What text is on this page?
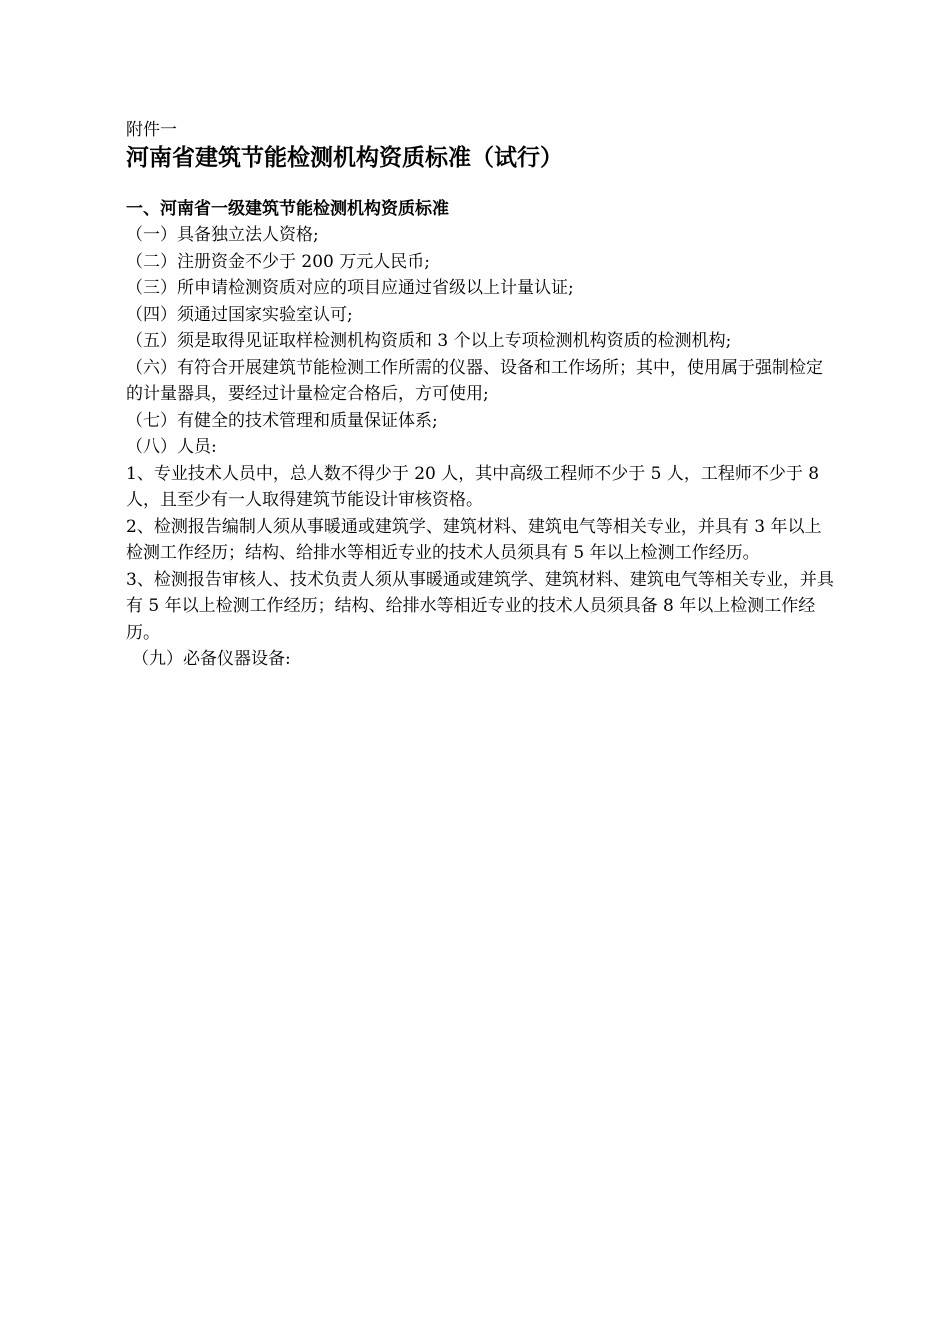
附件一

河南省建筑节能检测机构资质标准（试行）
一、河南省一级建筑节能检测机构资质标准

（一）具备独立法人资格;

（二）注册资金不少于 200 万元人民币;

（三）所申请检测资质对应的项目应通过省级以上计量认证;

（四）须通过国家实验室认可;

（五）须是取得见证取样检测机构资质和 3 个以上专项检测机构资质的检测机构;

（六）有符合开展建筑节能检测工作所需的仪器、设备和工作场所；其中，使用属于强制检定的计量器具，要经过计量检定合格后，方可使用;

（七）有健全的技术管理和质量保证体系;

（八）人员:

1、专业技术人员中，总人数不得少于 20 人，其中高级工程师不少于 5 人，工程师不少于 8 人，且至少有一人取得建筑节能设计审核资格。

2、检测报告编制人须从事暖通或建筑学、建筑材料、建筑电气等相关专业，并具有 3 年以上检测工作经历；结构、给排水等相近专业的技术人员须具有 5 年以上检测工作经历。

3、检测报告审核人、技术负责人须从事暖通或建筑学、建筑材料、建筑电气等相关专业，并具有 5 年以上检测工作经历；结构、给排水等相近专业的技术人员须具备 8 年以上检测工作经历。

（九）必备仪器设备:
